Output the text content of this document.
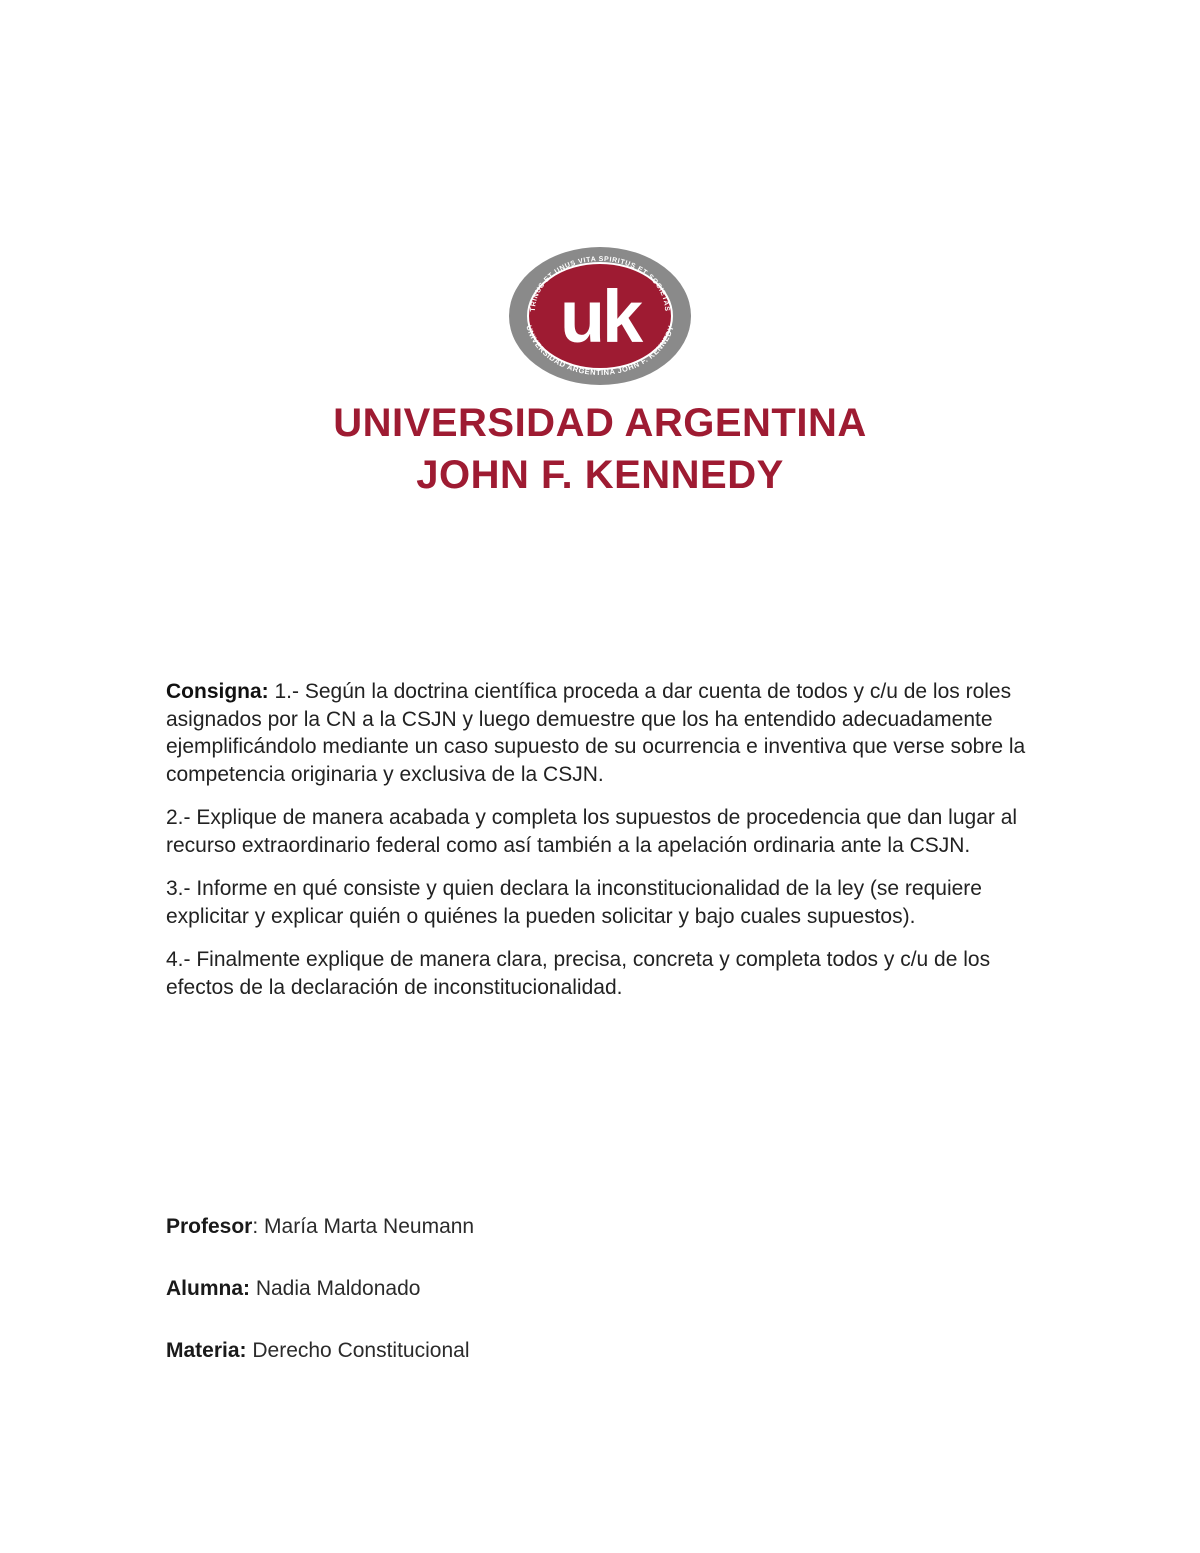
TRINUS ET UNUS VITA SPIRITUS ET SOCIETAS
UNIVERSIDAD ARGENTINA JOHN F. KENNEDY
uk
UNIVERSIDAD ARGENTINA
JOHN F. KENNEDY

Consigna: 1.- Según la doctrina científica proceda a dar cuenta de todos y c/u de los roles asignados por la CN a la CSJN y luego demuestre que los ha entendido adecuadamente ejemplificándolo mediante un caso supuesto de su ocurrencia e inventiva que verse sobre la competencia originaria y exclusiva de la CSJN.

2.- Explique de manera acabada y completa los supuestos de procedencia que dan lugar al recurso extraordinario federal como así también a la apelación ordinaria ante la CSJN.

3.- Informe en qué consiste y quien declara la inconstitucionalidad de la ley (se requiere explicitar y explicar quién o quiénes la pueden solicitar y bajo cuales supuestos).

4.- Finalmente explique de manera clara, precisa, concreta y completa todos y c/u de los efectos de la declaración de inconstitucionalidad.

Profesor: María Marta Neumann
Alumna: Nadia Maldonado
Materia: Derecho Constitucional
